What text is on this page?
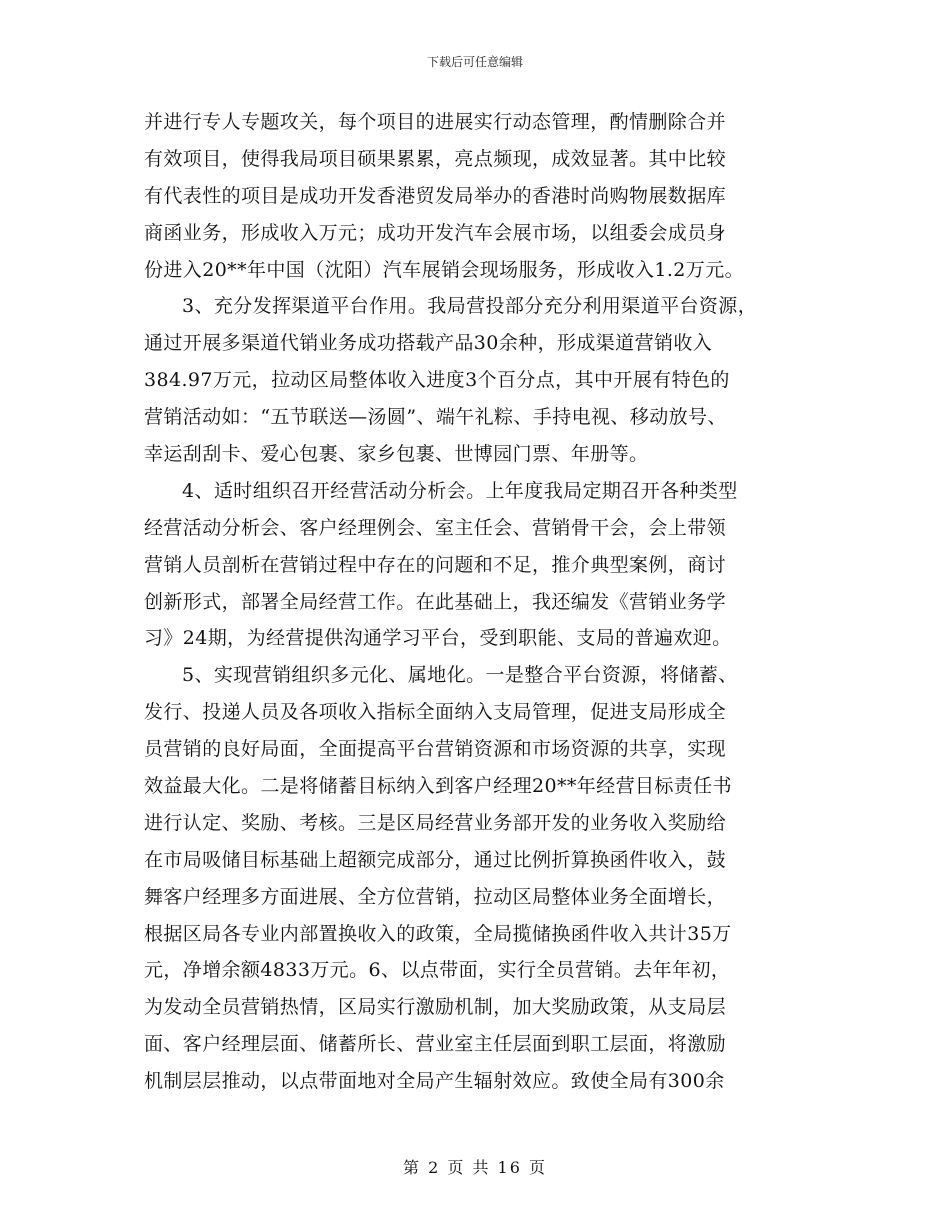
下载后可任意编辑
并进行专人专题攻关，每个项目的进展实行动态管理，酌情删除合并
有效项目，使得我局项目硕果累累，亮点频现，成效显著。其中比较
有代表性的项目是成功开发香港贸发局举办的香港时尚购物展数据库
商函业务，形成收入万元；成功开发汽车会展市场，以组委会成员身
份进入20**年中国（沈阳）汽车展销会现场服务，形成收入1.2万元。
3、充分发挥渠道平台作用。我局营投部分充分利用渠道平台资源，
通过开展多渠道代销业务成功搭载产品30余种，形成渠道营销收入
384.97万元，拉动区局整体收入进度3个百分点，其中开展有特色的
营销活动如：“五节联送—汤圆”、端午礼粽、手持电视、移动放号、
幸运刮刮卡、爱心包裹、家乡包裹、世博园门票、年册等。
4、适时组织召开经营活动分析会。上年度我局定期召开各种类型
经营活动分析会、客户经理例会、室主任会、营销骨干会，会上带领
营销人员剖析在营销过程中存在的问题和不足，推介典型案例，商讨
创新形式，部署全局经营工作。在此基础上，我还编发《营销业务学
习》24期，为经营提供沟通学习平台，受到职能、支局的普遍欢迎。
5、实现营销组织多元化、属地化。一是整合平台资源，将储蓄、
发行、投递人员及各项收入指标全面纳入支局管理，促进支局形成全
员营销的良好局面，全面提高平台营销资源和市场资源的共享，实现
效益最大化。二是将储蓄目标纳入到客户经理20**年经营目标责任书
进行认定、奖励、考核。三是区局经营业务部开发的业务收入奖励给
在市局吸储目标基础上超额完成部分，通过比例折算换函件收入，鼓
舞客户经理多方面进展、全方位营销，拉动区局整体业务全面增长，
根据区局各专业内部置换收入的政策，全局揽储换函件收入共计35万
元，净增余额4833万元。6、以点带面，实行全员营销。去年年初，
为发动全员营销热情，区局实行激励机制，加大奖励政策，从支局层
面、客户经理层面、储蓄所长、营业室主任层面到职工层面，将激励
机制层层推动，以点带面地对全局产生辐射效应。致使全局有300余
第 2 页 共 16 页
